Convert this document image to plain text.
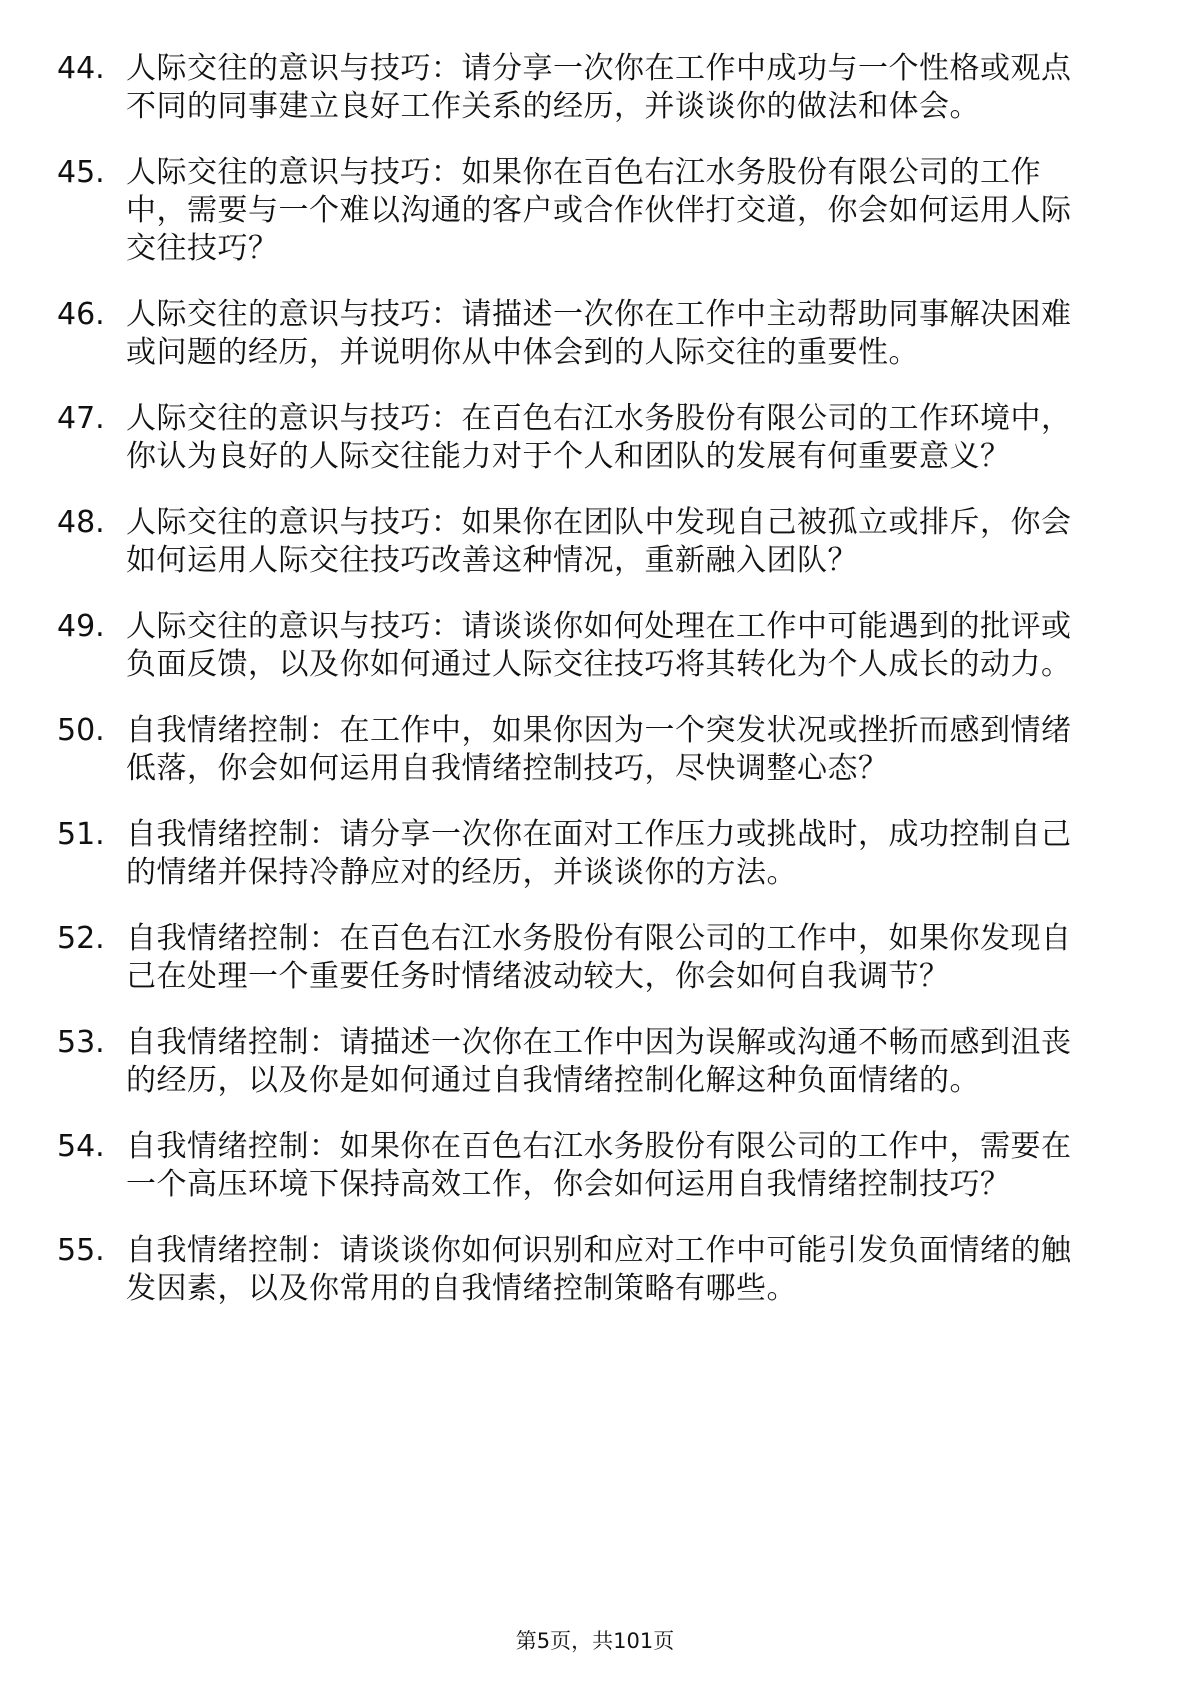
44. 人际交往的意识与技巧：请分享一次你在工作中成功与一个性格或观点不同的同事建立良好工作关系的经历，并谈谈你的做法和体会。
45. 人际交往的意识与技巧：如果你在百色右江水务股份有限公司的工作中，需要与一个难以沟通的客户或合作伙伴打交道，你会如何运用人际交往技巧？
46. 人际交往的意识与技巧：请描述一次你在工作中主动帮助同事解决困难或问题的经历，并说明你从中体会到的人际交往的重要性。
47. 人际交往的意识与技巧：在百色右江水务股份有限公司的工作环境中，你认为良好的人际交往能力对于个人和团队的发展有何重要意义？
48. 人际交往的意识与技巧：如果你在团队中发现自己被孤立或排斥，你会如何运用人际交往技巧改善这种情况，重新融入团队？
49. 人际交往的意识与技巧：请谈谈你如何处理在工作中可能遇到的批评或负面反馈，以及你如何通过人际交往技巧将其转化为个人成长的动力。
50. 自我情绪控制：在工作中，如果你因为一个突发状况或挫折而感到情绪低落，你会如何运用自我情绪控制技巧，尽快调整心态？
51. 自我情绪控制：请分享一次你在面对工作压力或挑战时，成功控制自己的情绪并保持冷静应对的经历，并谈谈你的方法。
52. 自我情绪控制：在百色右江水务股份有限公司的工作中，如果你发现自己在处理一个重要任务时情绪波动较大，你会如何自我调节？
53. 自我情绪控制：请描述一次你在工作中因为误解或沟通不畅而感到沮丧的经历，以及你是如何通过自我情绪控制化解这种负面情绪的。
54. 自我情绪控制：如果你在百色右江水务股份有限公司的工作中，需要在一个高压环境下保持高效工作，你会如何运用自我情绪控制技巧？
55. 自我情绪控制：请谈谈你如何识别和应对工作中可能引发负面情绪的触发因素，以及你常用的自我情绪控制策略有哪些。
第5页，共101页
